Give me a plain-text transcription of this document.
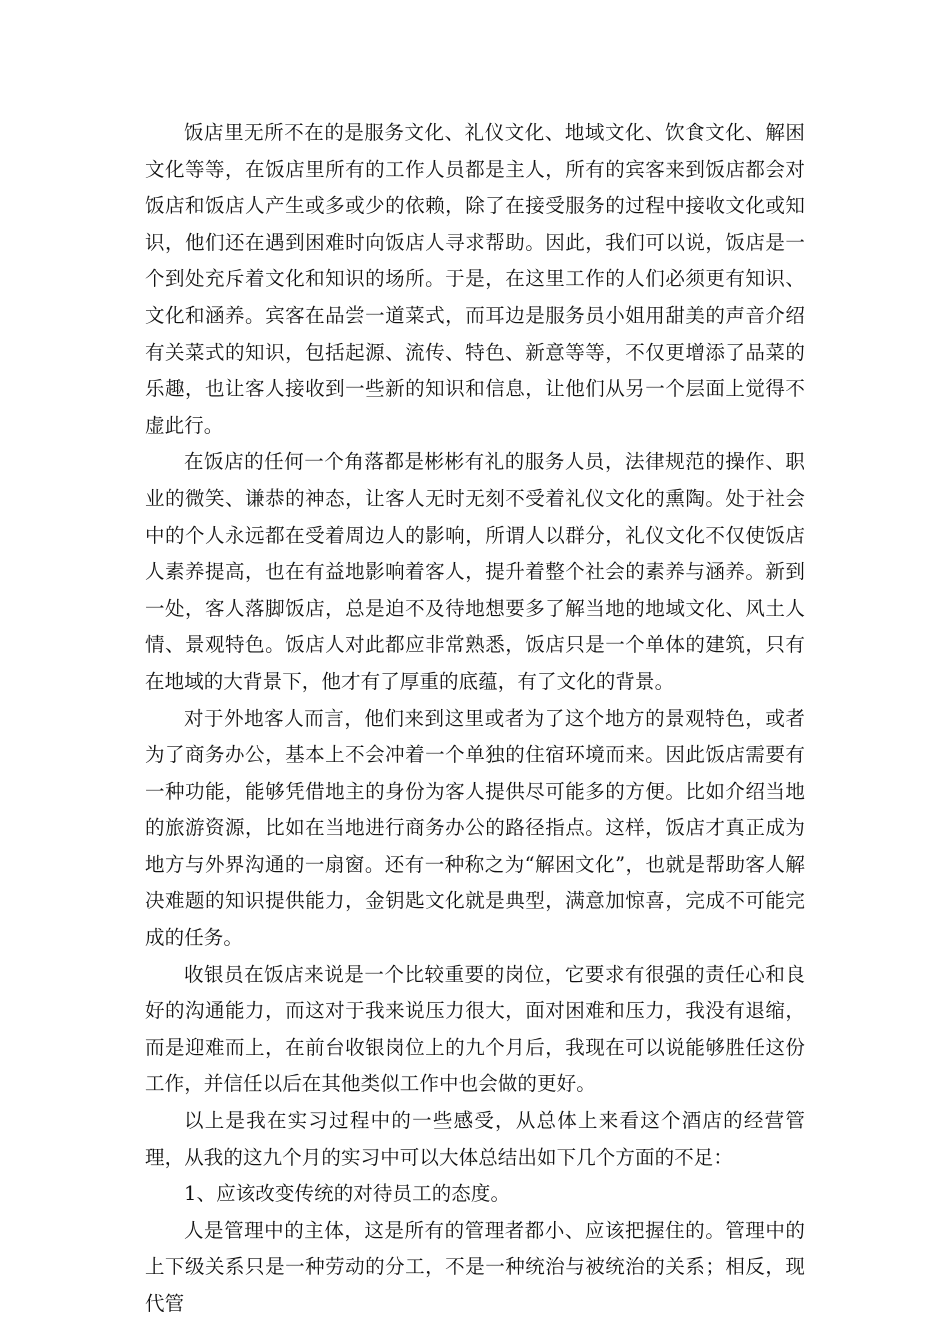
饭店里无所不在的是服务文化、礼仪文化、地域文化、饮食文化、解困文化等等，在饭店里所有的工作人员都是主人，所有的宾客来到饭店都会对饭店和饭店人产生或多或少的依赖，除了在接受服务的过程中接收文化或知识，他们还在遇到困难时向饭店人寻求帮助。因此，我们可以说，饭店是一个到处充斥着文化和知识的场所。于是，在这里工作的人们必须更有知识、文化和涵养。宾客在品尝一道菜式，而耳边是服务员小姐用甜美的声音介绍有关菜式的知识，包括起源、流传、特色、新意等等，不仅更增添了品菜的乐趣，也让客人接收到一些新的知识和信息，让他们从另一个层面上觉得不虚此行。

在饭店的任何一个角落都是彬彬有礼的服务人员，法律规范的操作、职业的微笑、谦恭的神态，让客人无时无刻不受着礼仪文化的熏陶。处于社会中的个人永远都在受着周边人的影响，所谓人以群分，礼仪文化不仅使饭店人素养提高，也在有益地影响着客人，提升着整个社会的素养与涵养。新到一处，客人落脚饭店，总是迫不及待地想要多了解当地的地域文化、风土人情、景观特色。饭店人对此都应非常熟悉，饭店只是一个单体的建筑，只有在地域的大背景下，他才有了厚重的底蕴，有了文化的背景。

对于外地客人而言，他们来到这里或者为了这个地方的景观特色，或者为了商务办公，基本上不会冲着一个单独的住宿环境而来。因此饭店需要有一种功能，能够凭借地主的身份为客人提供尽可能多的方便。比如介绍当地的旅游资源，比如在当地进行商务办公的路径指点。这样，饭店才真正成为地方与外界沟通的一扇窗。还有一种称之为“解困文化”，也就是帮助客人解决难题的知识提供能力，金钥匙文化就是典型，满意加惊喜，完成不可能完成的任务。

收银员在饭店来说是一个比较重要的岗位，它要求有很强的责任心和良好的沟通能力，而这对于我来说压力很大，面对困难和压力，我没有退缩，而是迎难而上，在前台收银岗位上的九个月后，我现在可以说能够胜任这份工作，并信任以后在其他类似工作中也会做的更好。

以上是我在实习过程中的一些感受，从总体上来看这个酒店的经营管理，从我的这九个月的实习中可以大体总结出如下几个方面的不足：

1、应该改变传统的对待员工的态度。

人是管理中的主体，这是所有的管理者都小、应该把握住的。管理中的上下级关系只是一种劳动的分工，不是一种统治与被统治的关系；相反，现代管
